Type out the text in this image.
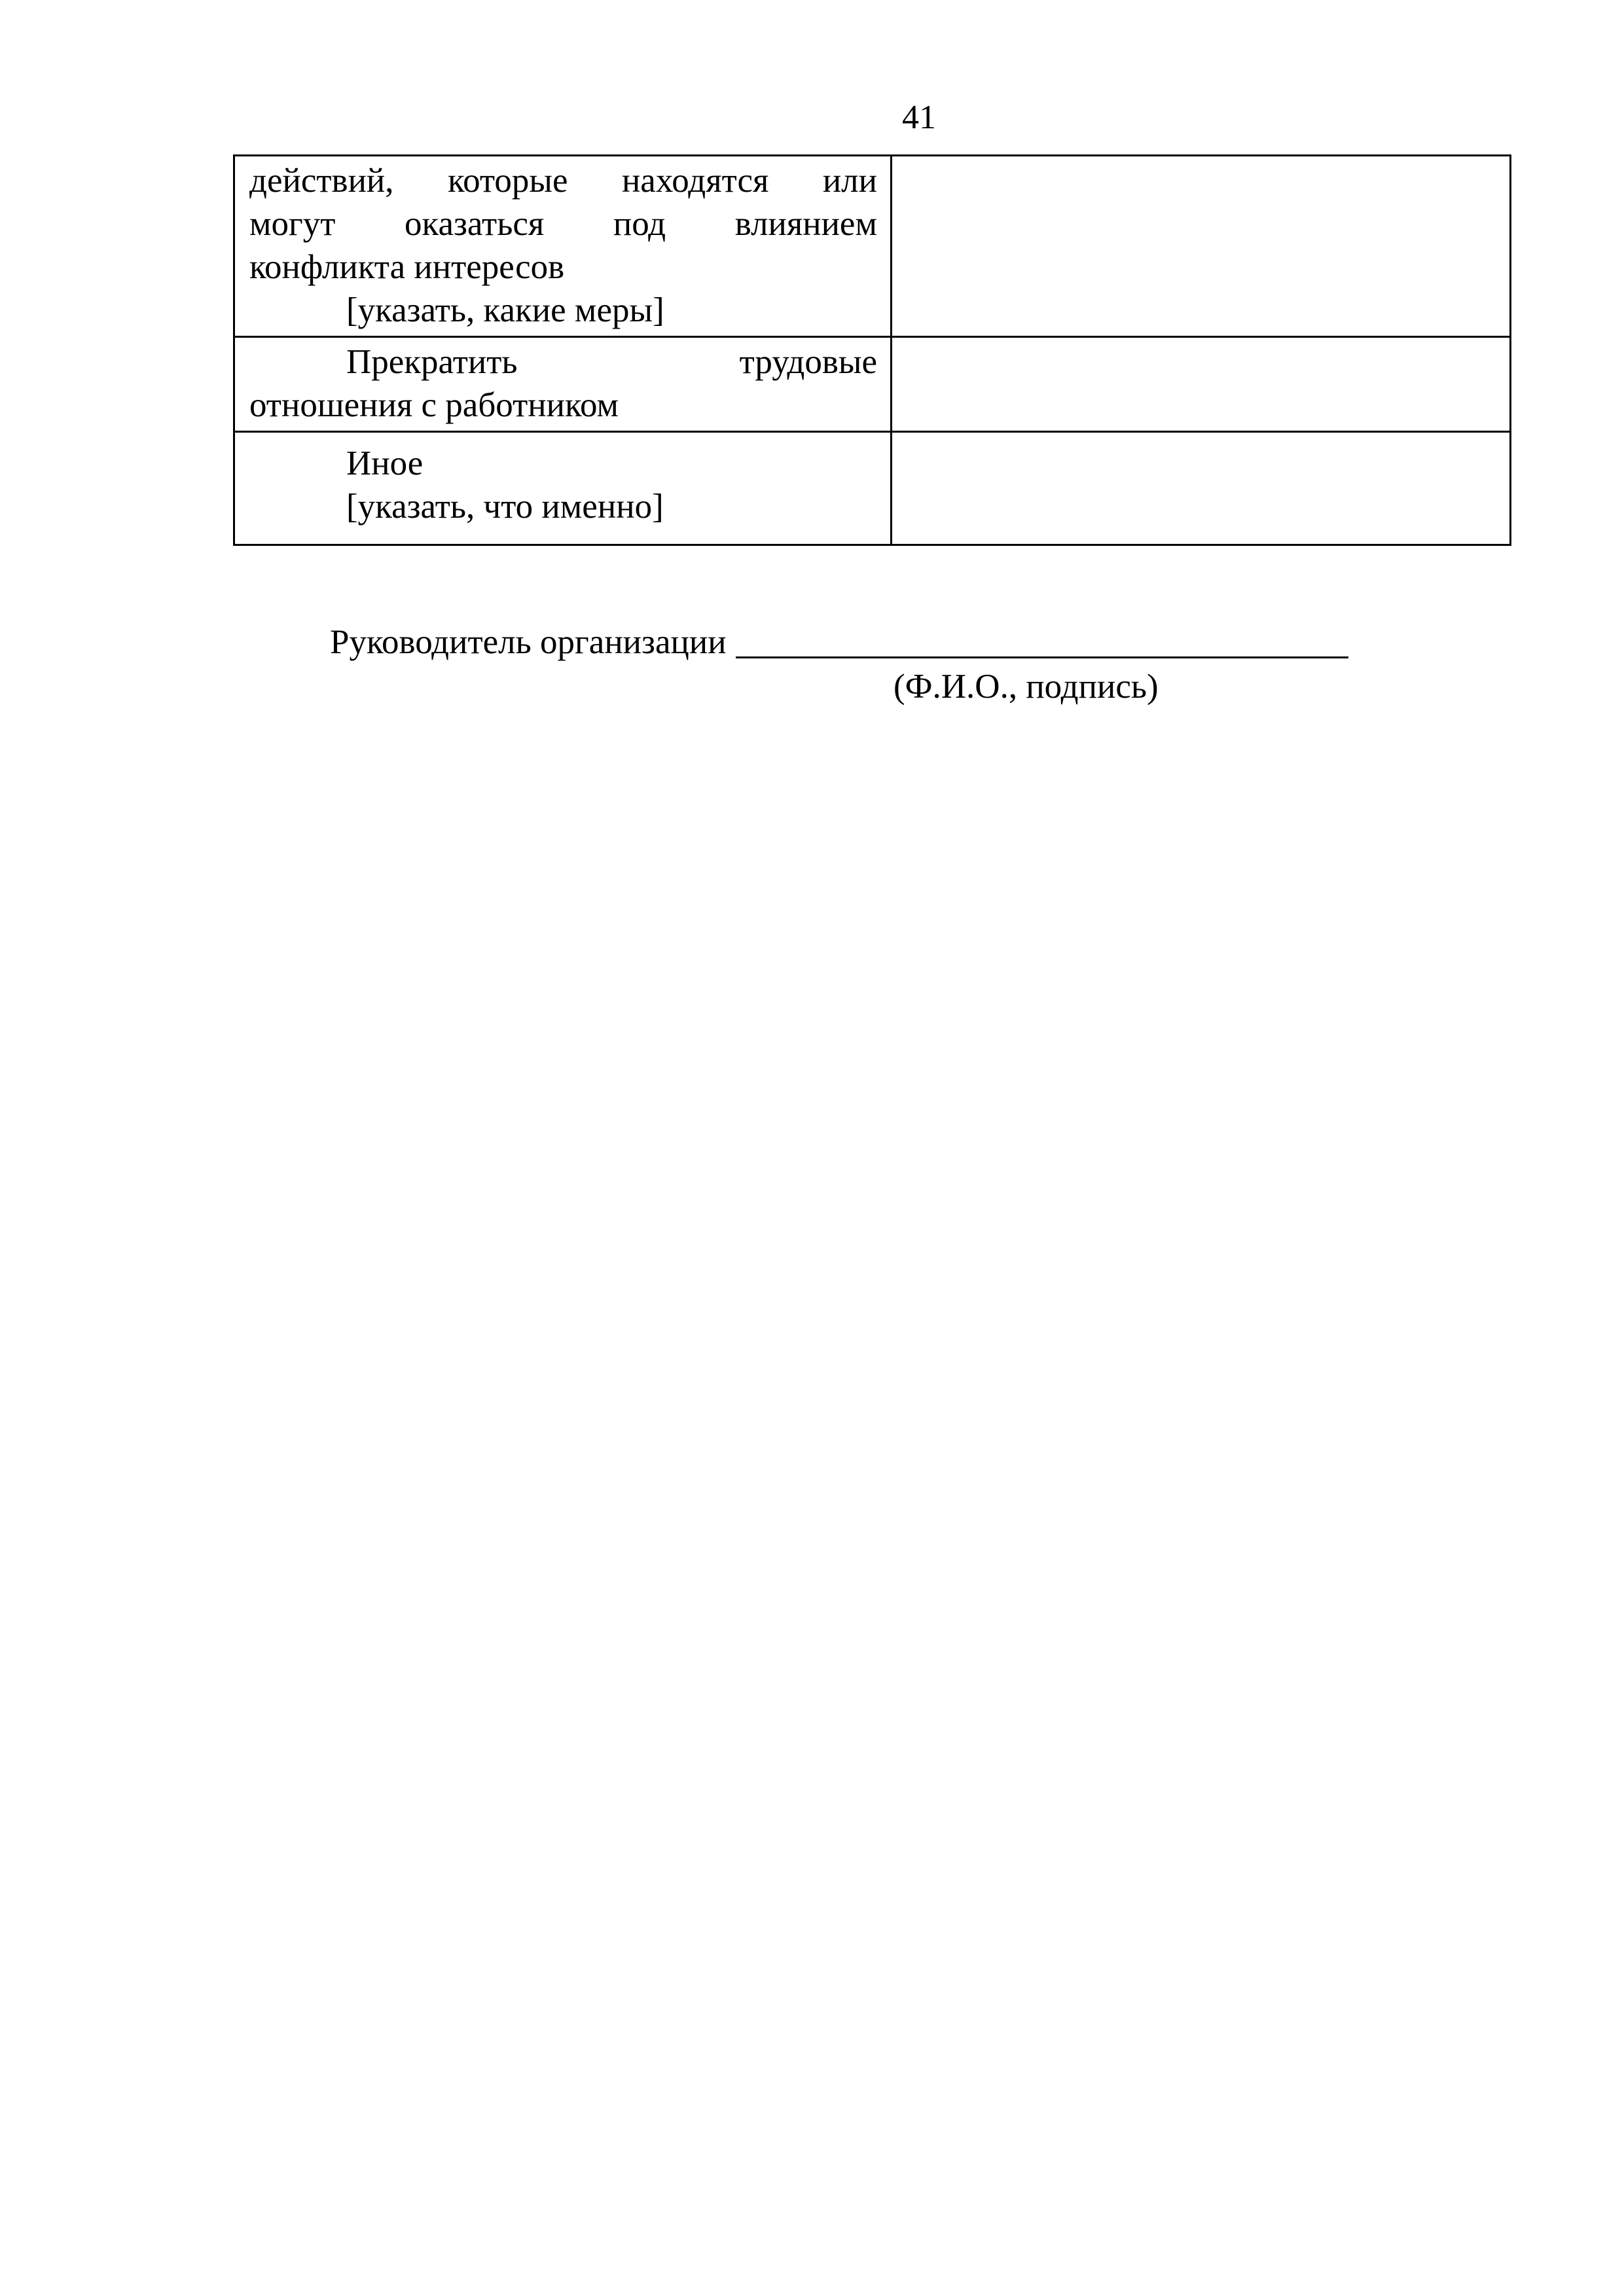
41
действий, которые находятся или
могут оказаться под влиянием
конфликта интересов
[указать, какие меры]	

Прекратить трудовые
отношения с работником	

Иное
[указать, что именно]	

Руководитель организации
(Ф.И.О., подпись)
